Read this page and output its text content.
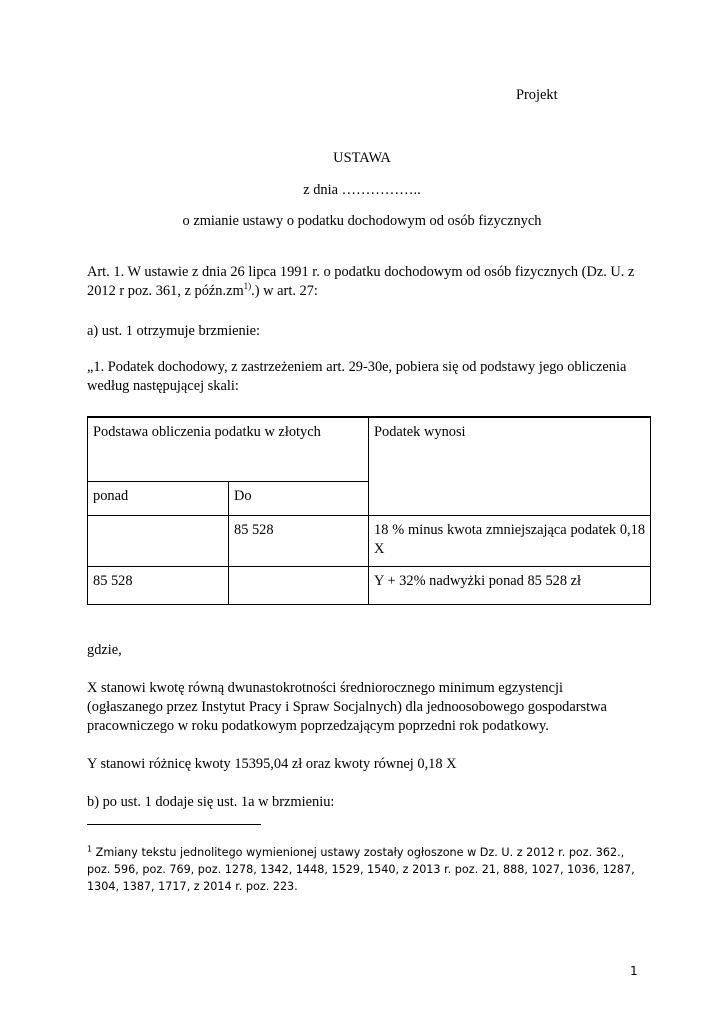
Projekt
USTAWA
z dnia ……………..
o zmianie ustawy o podatku dochodowym od osób fizycznych
Art. 1. W ustawie z dnia 26 lipca 1991 r. o podatku dochodowym od osób fizycznych (Dz. U. z 2012 r poz. 361, z $późn.zm^{1)}$.) w art. 27:
a) ust. 1 otrzymuje brzmienie:
„1. Podatek dochodowy, z zastrzeżeniem art. 29-30e, pobiera się od podstawy jego obliczenia według następującej skali:
Podstawa obliczenia podatku w złotych		Podatek wynosi
ponad	Do	
	85 528	18 % minus kwota zmniejszająca podatek 0,18 X
85 528		Y + 32% nadwyżki ponad 85 528 zł
gdzie,
X stanowi kwotę równą dwunastokrotności średniorocznego minimum egzystencji (ogłaszanego przez Instytut Pracy i Spraw Socjalnych) dla jednoosobowego gospodarstwa pracowniczego w roku podatkowym poprzedzającym poprzedni rok podatkowy.
Y stanowi różnicę kwoty 15395,04 zł oraz kwoty równej 0,18 X
b) po ust. 1 dodaje się ust. 1a w brzmieniu:
$^1$ Zmiany tekstu jednolitego wymienionej ustawy zostały ogłoszone w Dz. U. z 2012 r. poz. 362., poz. 596, poz. 769, poz. 1278, 1342, 1448, 1529, 1540, z 2013 r. poz. 21, 888, 1027, 1036, 1287, 1304, 1387, 1717, z 2014 r. poz. 223.
1
